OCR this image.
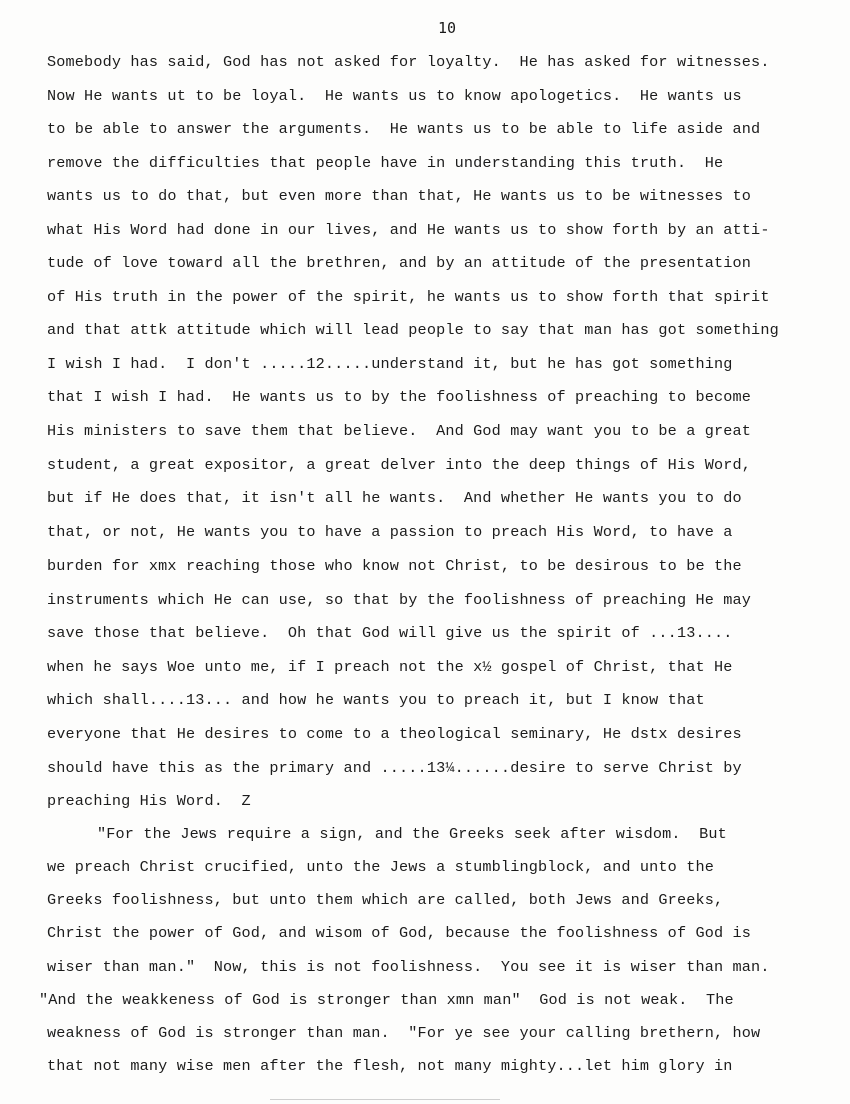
10
Somebody has said, God has not asked for loyalty.  He has asked for witnesses.
Now He wants ut to be loyal.  He wants us to know apologetics.  He wants us
to be able to answer the arguments.  He wants us to be able to life aside and
remove the difficulties that people have in understanding this truth.  He
wants us to do that, but even more than that, He wants us to be witnesses to
what His Word had done in our lives, and He wants us to show forth by an atti-
tude of love toward all the brethren, and by an attitude of the presentation
of His truth in the power of the spirit, he wants us to show forth that spirit
and that attk attitude which will lead people to say that man has got something
I wish I had.  I don't .....12.....understand it, but he has got something
that I wish I had.  He wants us to by the foolishness of preaching to become
His ministers to save them that believe.  And God may want you to be a great
student, a great expositor, a great delver into the deep things of His Word,
but if He does that, it isn't all he wants.  And whether He wants you to do
that, or not, He wants you to have a passion to preach His Word, to have a
burden for xmx reaching those who know not Christ, to be desirous to be the
instruments which He can use, so that by the foolishness of preaching He may
save those that believe.  Oh that God will give us the spirit of ...13....
when he says Woe unto me, if I preach not the x½ gospel of Christ, that He
which shall....13... and how he wants you to preach it, but I know that
everyone that He desires to come to a theological seminary, He dstx desires
should have this as the primary and .....13¼......desire to serve Christ by
preaching His Word.  Z
"For the Jews require a sign, and the Greeks seek after wisdom.  But
we preach Christ crucified, unto the Jews a stumblingblock, and unto the
Greeks foolishness, but unto them which are called, both Jews and Greeks,
Christ the power of God, and wisom of God, because the foolishness of God is
wiser than man."  Now, this is not foolishness.  You see it is wiser than man.
"And the weakkeness of God is stronger than xmn man"  God is not weak.  The
weakness of God is stronger than man.  "For ye see your calling brethern, how
that not many wise men after the flesh, not many mighty...let him glory in
